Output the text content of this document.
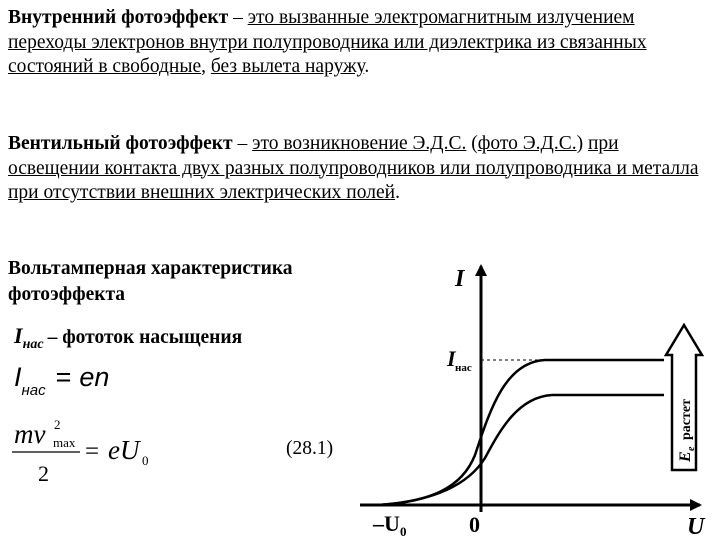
Внутренний фотоэффект – это вызванные электромагнитным излучением переходы электронов внутри полупроводника или диэлектрика из связанных состояний в свободные, без вылета наружу.
Вентильный фотоэффект – это возникновение Э.Д.С. (фото Э.Д.С.) при освещении контакта двух разных полупроводников или полупроводника и металла при отсутствии внешних электрических полей.
Вольтамперная характеристика
фотоэффекта
$I_{нас}$ – фототок насыщения
$I_{нас}$ = en
(28.1)
mv 2
max
2
= eU 0
I
U
0
–U 0
I нас
E
e
растет
